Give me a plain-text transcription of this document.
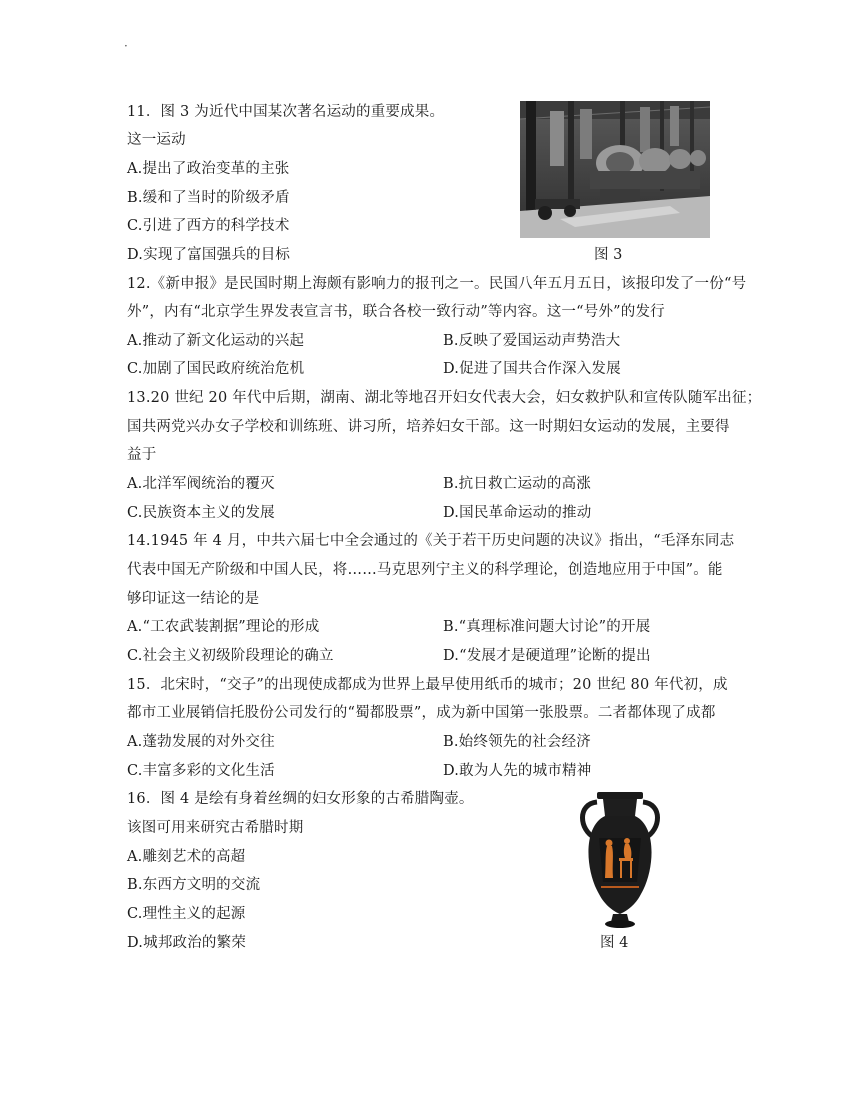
·
11．图 3 为近代中国某次著名运动的重要成果。
这一运动
A.提出了政治变革的主张
B.缓和了当时的阶级矛盾
C.引进了西方的科学技术
D.实现了富国强兵的目标	图 3
12.《新申报》是民国时期上海颇有影响力的报刊之一。民国八年五月五日，该报印发了一份“号
外”，内有“北京学生界发表宣言书，联合各校一致行动”等内容。这一“号外”的发行
A.推动了新文化运动的兴起	B.反映了爱国运动声势浩大
C.加剧了国民政府统治危机	D.促进了国共合作深入发展
13.20 世纪 20 年代中后期，湖南、湖北等地召开妇女代表大会，妇女救护队和宣传队随军出征；
国共两党兴办女子学校和训练班、讲习所，培养妇女干部。这一时期妇女运动的发展，主要得
益于
A.北洋军阀统治的覆灭	B.抗日救亡运动的高涨
C.民族资本主义的发展	D.国民革命运动的推动
14.1945 年 4 月，中共六届七中全会通过的《关于若干历史问题的决议》指出，“毛泽东同志
代表中国无产阶级和中国人民，将……马克思列宁主义的科学理论，创造地应用于中国”。能
够印证这一结论的是
A.“工农武装割据”理论的形成	B.“真理标准问题大讨论”的开展
C.社会主义初级阶段理论的确立	D.“发展才是硬道理”论断的提出
15．北宋时，“交子”的出现使成都成为世界上最早使用纸币的城市；20 世纪 80 年代初，成
都市工业展销信托股份公司发行的“蜀都股票”，成为新中国第一张股票。二者都体现了成都
A.蓬勃发展的对外交往	B.始终领先的社会经济
C.丰富多彩的文化生活	D.敢为人先的城市精神
16．图 4 是绘有身着丝绸的妇女形象的古希腊陶壶。
该图可用来研究古希腊时期
A.雕刻艺术的高超
B.东西方文明的交流
C.理性主义的起源
D.城邦政治的繁荣	图 4
